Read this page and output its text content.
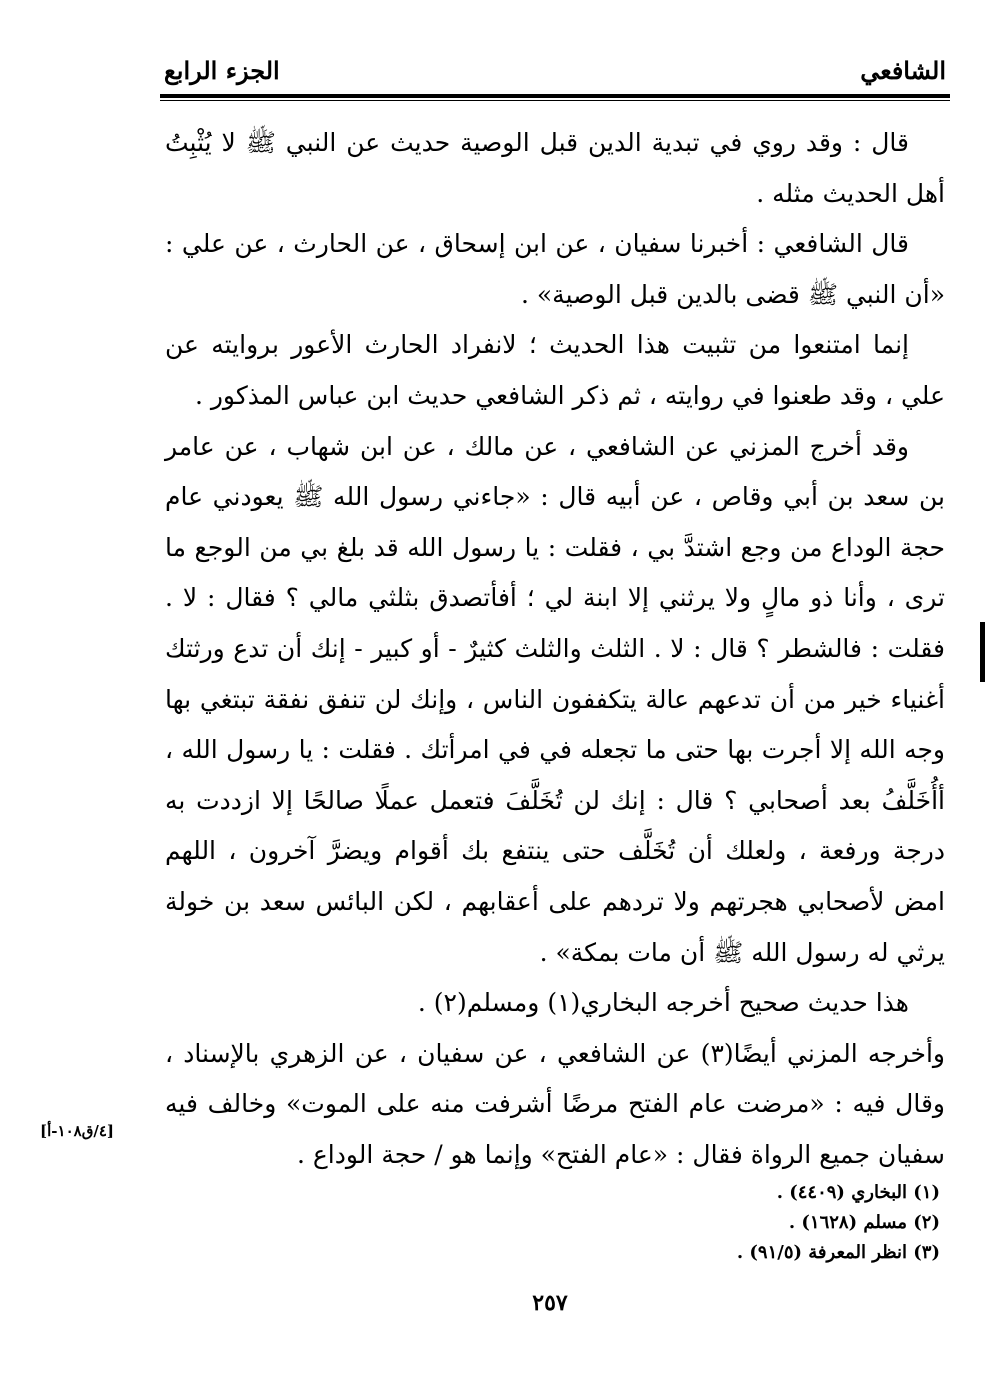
الشافعي
الجزء الرابع

قال : وقد روي في تبدية الدين قبل الوصية حديث عن النبي ﷺ لا يُثْبِتُ أهل الحديث مثله .

قال الشافعي : أخبرنا سفيان ، عن ابن إسحاق ، عن الحارث ، عن علي : «أن النبي ﷺ قضى بالدين قبل الوصية» .

إنما امتنعوا من تثبيت هذا الحديث ؛ لانفراد الحارث الأعور بروايته عن علي ، وقد طعنوا في روايته ، ثم ذكر الشافعي حديث ابن عباس المذكور .

وقد أخرج المزني عن الشافعي ، عن مالك ، عن ابن شهاب ، عن عامر بن سعد بن أبي وقاص ، عن أبيه قال : «جاءني رسول الله ﷺ يعودني عام حجة الوداع من وجع اشتدَّ بي ، فقلت : يا رسول الله قد بلغ بي من الوجع ما ترى ، وأنا ذو مالٍ ولا يرثني إلا ابنة لي ؛ أفأتصدق بثلثي مالي ؟ فقال : لا . فقلت : فالشطر ؟ قال : لا . الثلث والثلث كثيرٌ - أو كبير - إنك أن تدع ورثتك أغنياء خير من أن تدعهم عالة يتكففون الناس ، وإنك لن تنفق نفقة تبتغي بها وجه الله إلا أجرت بها حتى ما تجعله في في امرأتك . فقلت : يا رسول الله ، أأُخَلَّفُ بعد أصحابي ؟ قال : إنك لن تُخَلَّفَ فتعمل عملًا صالحًا إلا ازددت به درجة ورفعة ، ولعلك أن تُخَلَّف حتى ينتفع بك أقوام ويضرَّ آخرون ، اللهم امض لأصحابي هجرتهم ولا تردهم على أعقابهم ، لكن البائس سعد بن خولة يرثي له رسول الله ﷺ أن مات بمكة» .

هذا حديث صحيح أخرجه البخاري(١) ومسلم(٢) .

وأخرجه المزني أيضًا(٣) عن الشافعي ، عن سفيان ، عن الزهري بالإسناد ، وقال فيه : «مرضت عام الفتح مرضًا أشرفت منه على الموت» وخالف فيه سفيان جميع الرواة فقال : «عام الفتح» وإنما هو / حجة الوداع .

[٤/ق١٠٨-أ]
(١) البخاري (٤٤٠٩) .
(٢) مسلم (١٦٢٨) .
(٣) انظر المعرفة (٩١/٥) .
٢٥٧
